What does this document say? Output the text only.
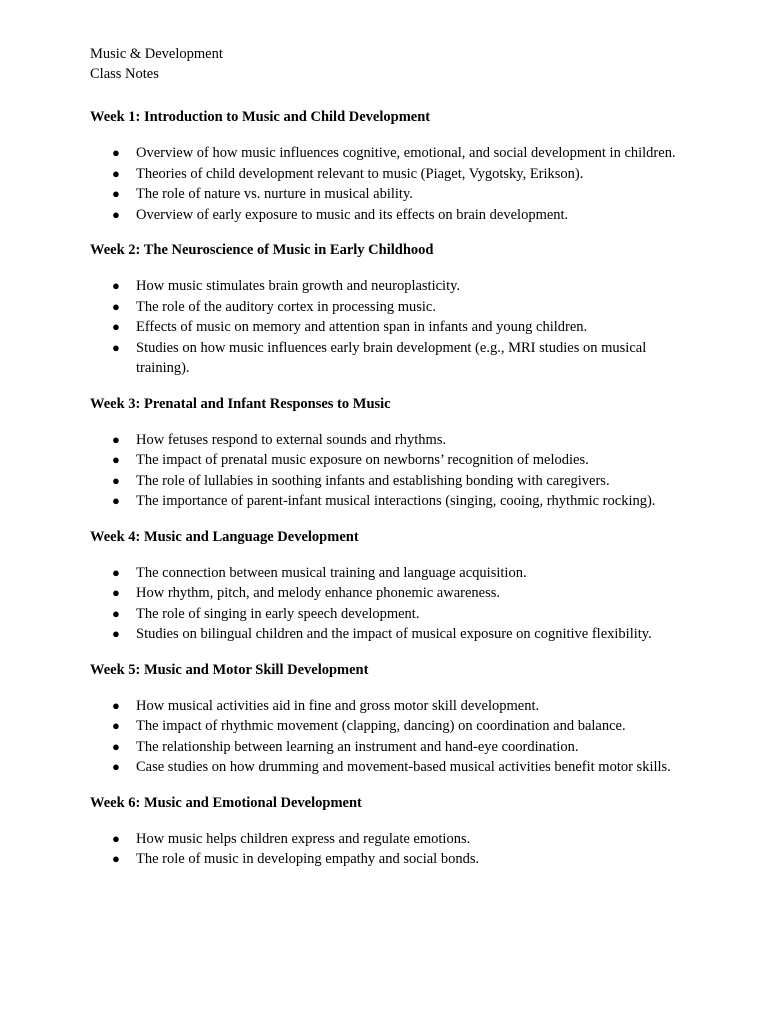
Music & Development
Class Notes
Week 1: Introduction to Music and Child Development
● Overview of how music influences cognitive, emotional, and social development in children.
● Theories of child development relevant to music (Piaget, Vygotsky, Erikson).
● The role of nature vs. nurture in musical ability.
● Overview of early exposure to music and its effects on brain development.
Week 2: The Neuroscience of Music in Early Childhood
● How music stimulates brain growth and neuroplasticity.
● The role of the auditory cortex in processing music.
● Effects of music on memory and attention span in infants and young children.
● Studies on how music influences early brain development (e.g., MRI studies on musical training).
Week 3: Prenatal and Infant Responses to Music
● How fetuses respond to external sounds and rhythms.
● The impact of prenatal music exposure on newborns’ recognition of melodies.
● The role of lullabies in soothing infants and establishing bonding with caregivers.
● The importance of parent-infant musical interactions (singing, cooing, rhythmic rocking).
Week 4: Music and Language Development
● The connection between musical training and language acquisition.
● How rhythm, pitch, and melody enhance phonemic awareness.
● The role of singing in early speech development.
● Studies on bilingual children and the impact of musical exposure on cognitive flexibility.
Week 5: Music and Motor Skill Development
● How musical activities aid in fine and gross motor skill development.
● The impact of rhythmic movement (clapping, dancing) on coordination and balance.
● The relationship between learning an instrument and hand-eye coordination.
● Case studies on how drumming and movement-based musical activities benefit motor skills.
Week 6: Music and Emotional Development
● How music helps children express and regulate emotions.
● The role of music in developing empathy and social bonds.
